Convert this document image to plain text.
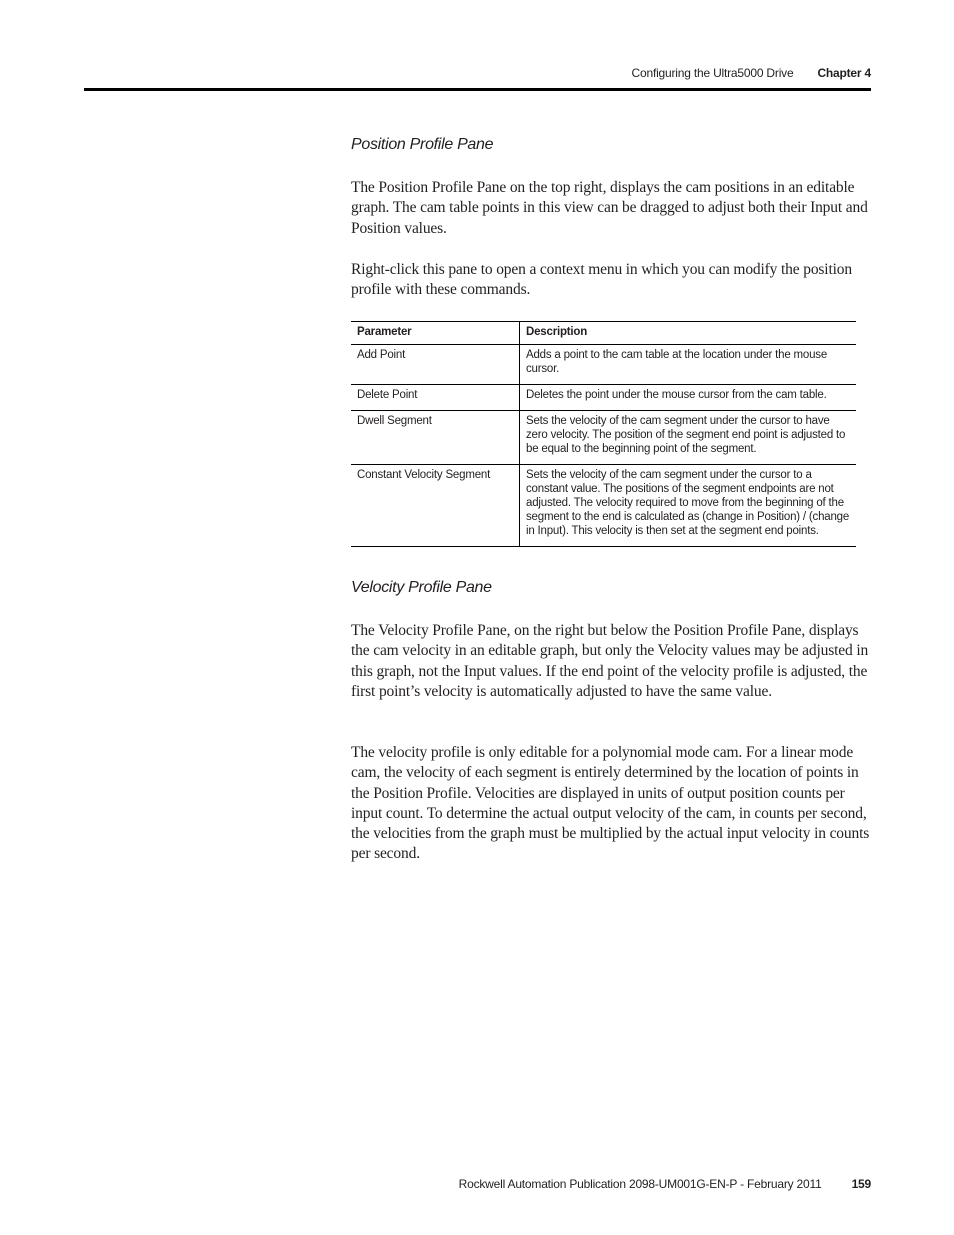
Configuring the Ultra5000 Drive Chapter 4
Position Profile Pane

The Position Profile Pane on the top right, displays the cam positions in an editable graph. The cam table points in this view can be dragged to adjust both their Input and Position values.

Right-click this pane to open a context menu in which you can modify the position profile with these commands.

Parameter	Description
Add Point	Adds a point to the cam table at the location under the mouse cursor.
Delete Point	Deletes the point under the mouse cursor from the cam table.
Dwell Segment	Sets the velocity of the cam segment under the cursor to have zero velocity. The position of the segment end point is adjusted to be equal to the beginning point of the segment.
Constant Velocity Segment	Sets the velocity of the cam segment under the cursor to a constant value. The positions of the segment endpoints are not adjusted. The velocity required to move from the beginning of the segment to the end is calculated as (change in Position) / (change in Input). This velocity is then set at the segment end points.
Velocity Profile Pane

The Velocity Profile Pane, on the right but below the Position Profile Pane, displays the cam velocity in an editable graph, but only the Velocity values may be adjusted in this graph, not the Input values. If the end point of the velocity profile is adjusted, the first point’s velocity is automatically adjusted to have the same value.

The velocity profile is only editable for a polynomial mode cam. For a linear mode cam, the velocity of each segment is entirely determined by the location of points in the Position Profile. Velocities are displayed in units of output position counts per input count. To determine the actual output velocity of the cam, in counts per second, the velocities from the graph must be multiplied by the actual input velocity in counts per second.

Rockwell Automation Publication 2098-UM001G-EN-P - February 2011	159
